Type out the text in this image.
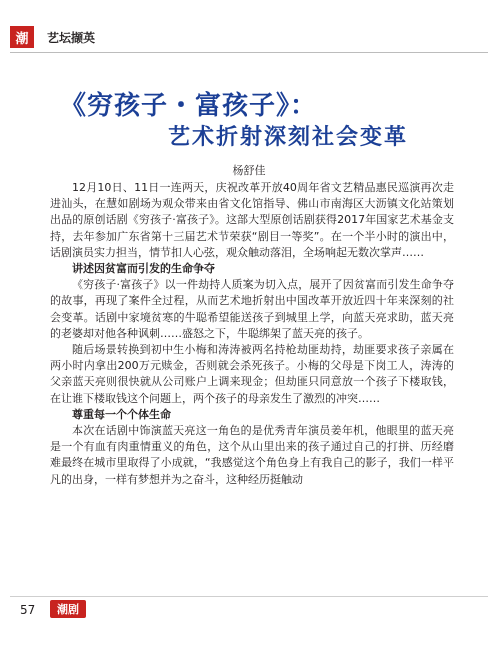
潮	艺坛撷英
《穷孩子・富孩子》：
艺术折射深刻社会变革
杨舒佳

12月10日、11日一连两天，庆祝改革开放40周年省文艺精品惠民巡演再次走进汕头，在慧如剧场为观众带来由省文化馆指导、佛山市南海区大沥镇文化站策划出品的原创话剧《穷孩子·富孩子》。这部大型原创话剧获得2017年国家艺术基金支持，去年参加广东省第十三届艺术节荣获“剧目一等奖”。在一个半小时的演出中，话剧演员实力担当，情节扣人心弦，观众触动落泪，全场响起无数次掌声……

讲述因贫富而引发的生命争夺

《穷孩子·富孩子》以一件劫持人质案为切入点，展开了因贫富而引发生命争夺的故事，再现了案件全过程，从而艺术地折射出中国改革开放近四十年来深刻的社会变革。话剧中家境贫寒的牛聪希望能送孩子到城里上学，向蓝天亮求助，蓝天亮的老婆却对他各种讽刺……盛怒之下，牛聪绑架了蓝天亮的孩子。

随后场景转换到初中生小梅和涛涛被两名持枪劫匪劫持，劫匪要求孩子亲属在两小时内拿出200万元赎金，否则就会杀死孩子。小梅的父母是下岗工人，涛涛的父亲蓝天亮则很快就从公司账户上调来现金；但劫匪只同意放一个孩子下楼取钱，在让谁下楼取钱这个问题上，两个孩子的母亲发生了激烈的冲突……

尊重每一个个体生命

本次在话剧中饰演蓝天亮这一角色的是优秀青年演员姜年机，他眼里的蓝天亮是一个有血有肉重情重义的角色，这个从山里出来的孩子通过自己的打拼、历经磨难最终在城市里取得了小成就，“我感觉这个角色身上有我自己的影子，我们一样平凡的出身，一样有梦想并为之奋斗，这种经历挺触动

57	潮剧
